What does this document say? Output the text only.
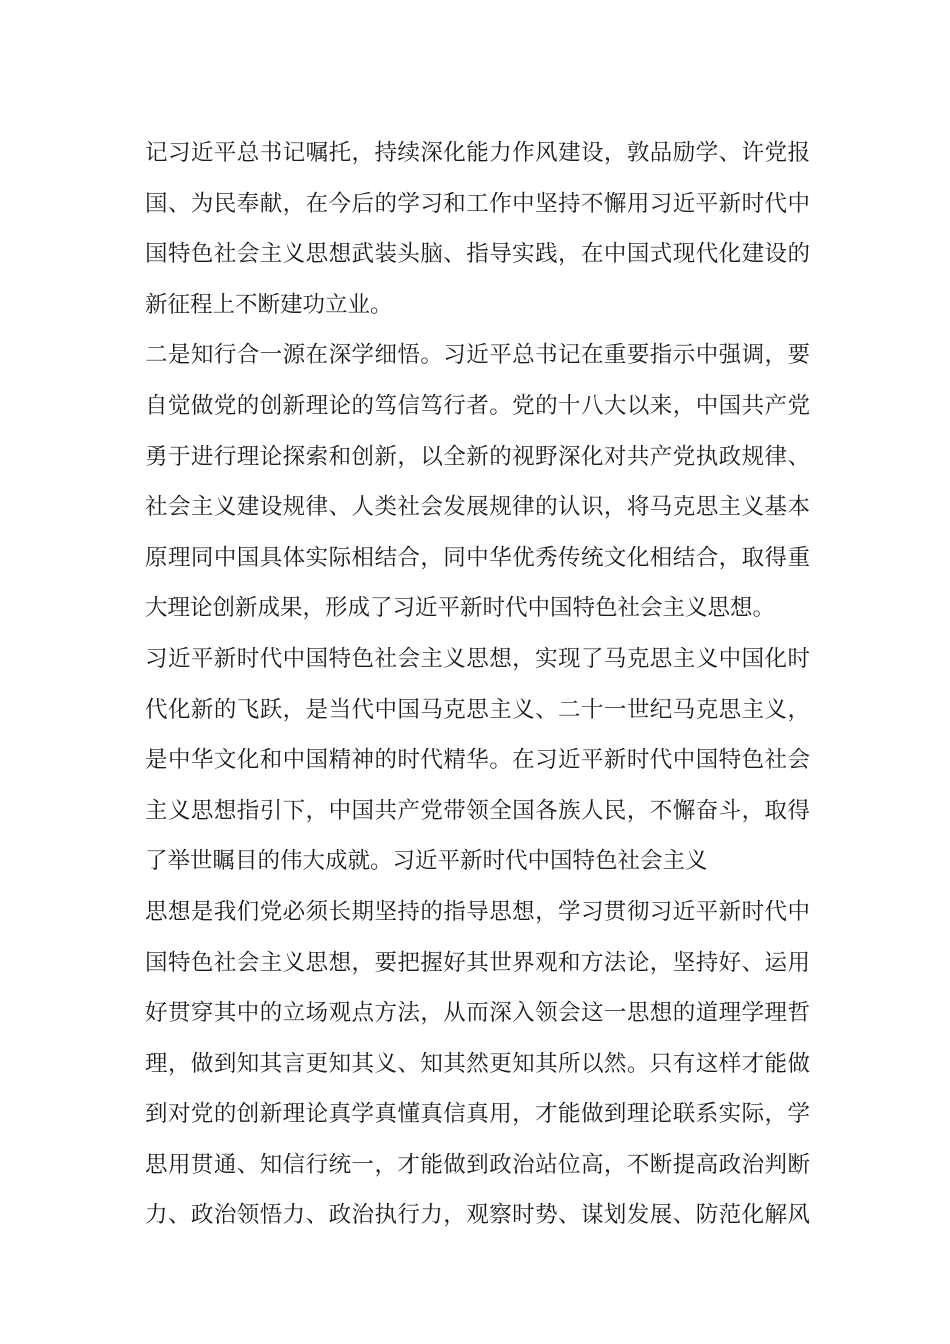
记习近平总书记嘱托，持续深化能力作风建设，敦品励学、许党报
国、为民奉献，在今后的学习和工作中坚持不懈用习近平新时代中
国特色社会主义思想武装头脑、指导实践，在中国式现代化建设的
新征程上不断建功立业。
二是知行合一源在深学细悟。习近平总书记在重要指示中强调，要
自觉做党的创新理论的笃信笃行者。党的十八大以来，中国共产党
勇于进行理论探索和创新，以全新的视野深化对共产党执政规律、
社会主义建设规律、人类社会发展规律的认识，将马克思主义基本
原理同中国具体实际相结合，同中华优秀传统文化相结合，取得重
大理论创新成果，形成了习近平新时代中国特色社会主义思想。
习近平新时代中国特色社会主义思想，实现了马克思主义中国化时
代化新的飞跃，是当代中国马克思主义、二十一世纪马克思主义，
是中华文化和中国精神的时代精华。在习近平新时代中国特色社会
主义思想指引下，中国共产党带领全国各族人民，不懈奋斗，取得
了举世瞩目的伟大成就。习近平新时代中国特色社会主义
思想是我们党必须长期坚持的指导思想，学习贯彻习近平新时代中
国特色社会主义思想，要把握好其世界观和方法论，坚持好、运用
好贯穿其中的立场观点方法，从而深入领会这一思想的道理学理哲
理，做到知其言更知其义、知其然更知其所以然。只有这样才能做
到对党的创新理论真学真懂真信真用，才能做到理论联系实际，学
思用贯通、知信行统一，才能做到政治站位高，不断提高政治判断
力、政治领悟力、政治执行力，观察时势、谋划发展、防范化解风
